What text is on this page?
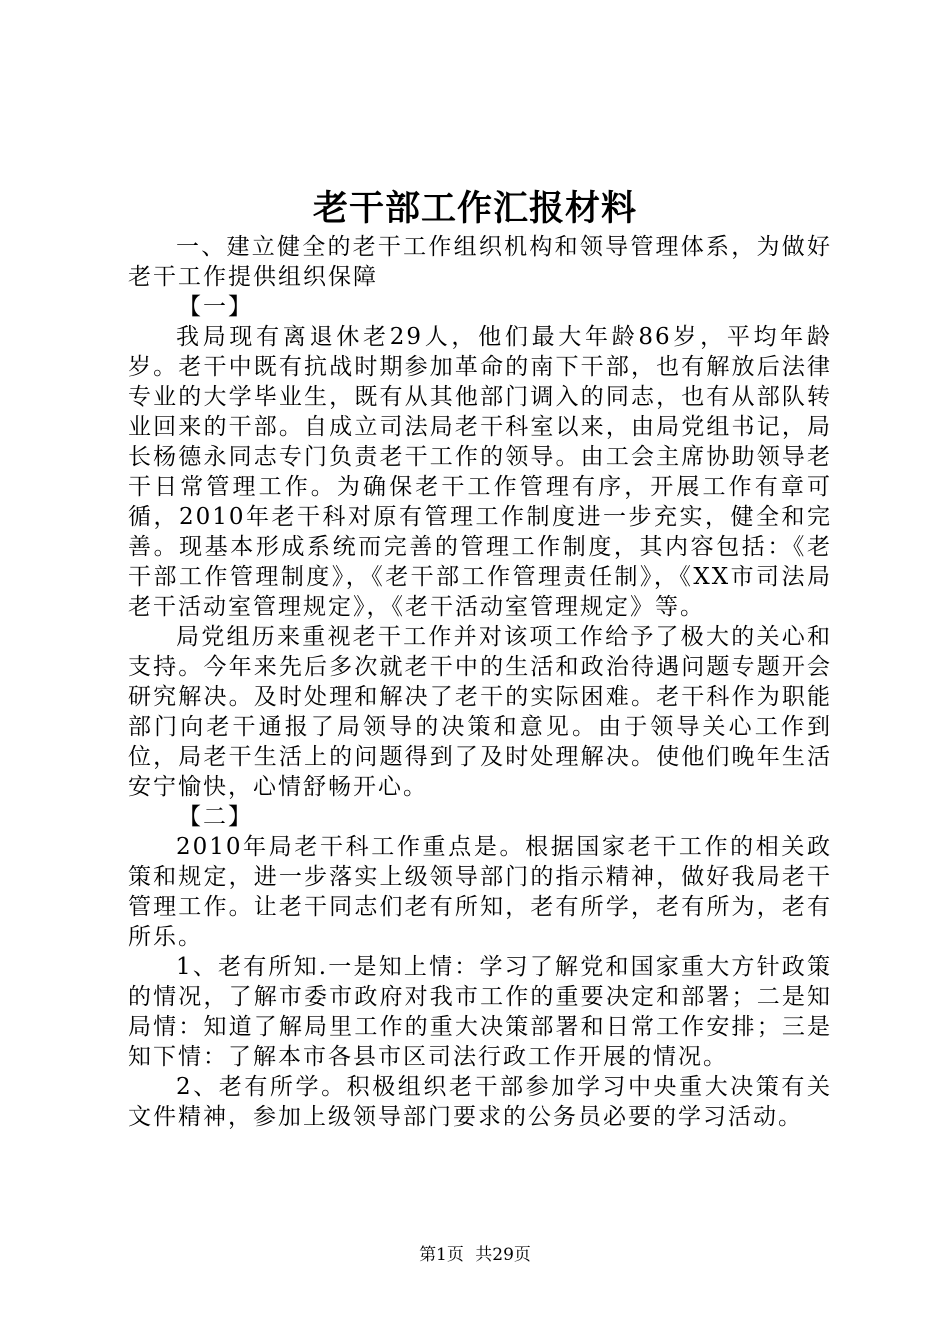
老干部工作汇报材料

一、建立健全的老干工作组织机构和领导管理体系，为做好老干工作提供组织保障

【一】

我局现有离退休老29人，他们最大年龄86岁，平均年龄岁。老干中既有抗战时期参加革命的南下干部，也有解放后法律专业的大学毕业生，既有从其他部门调入的同志，也有从部队转业回来的干部。自成立司法局老干科室以来，由局党组书记，局长杨德永同志专门负责老干工作的领导。由工会主席协助领导老干日常管理工作。为确保老干工作管理有序，开展工作有章可循，2010年老干科对原有管理工作制度进一步充实，健全和完善。现基本形成系统而完善的管理工作制度，其内容包括：《老干部工作管理制度》，《老干部工作管理责任制》，《XX市司法局老干活动室管理规定》，《老干活动室管理规定》等。

局党组历来重视老干工作并对该项工作给予了极大的关心和支持。今年来先后多次就老干中的生活和政治待遇问题专题开会研究解决。及时处理和解决了老干的实际困难。老干科作为职能部门向老干通报了局领导的决策和意见。由于领导关心工作到位，局老干生活上的问题得到了及时处理解决。使他们晚年生活安宁愉快，心情舒畅开心。

【二】

2010年局老干科工作重点是。根据国家老干工作的相关政策和规定，进一步落实上级领导部门的指示精神，做好我局老干管理工作。让老干同志们老有所知，老有所学，老有所为，老有所乐。

1、老有所知.一是知上情：学习了解党和国家重大方针政策的情况，了解市委市政府对我市工作的重要决定和部署；二是知局情：知道了解局里工作的重大决策部署和日常工作安排；三是知下情：了解本市各县市区司法行政工作开展的情况。

2、老有所学。积极组织老干部参加学习中央重大决策有关文件精神，参加上级领导部门要求的公务员必要的学习活动。

第1页 共29页
